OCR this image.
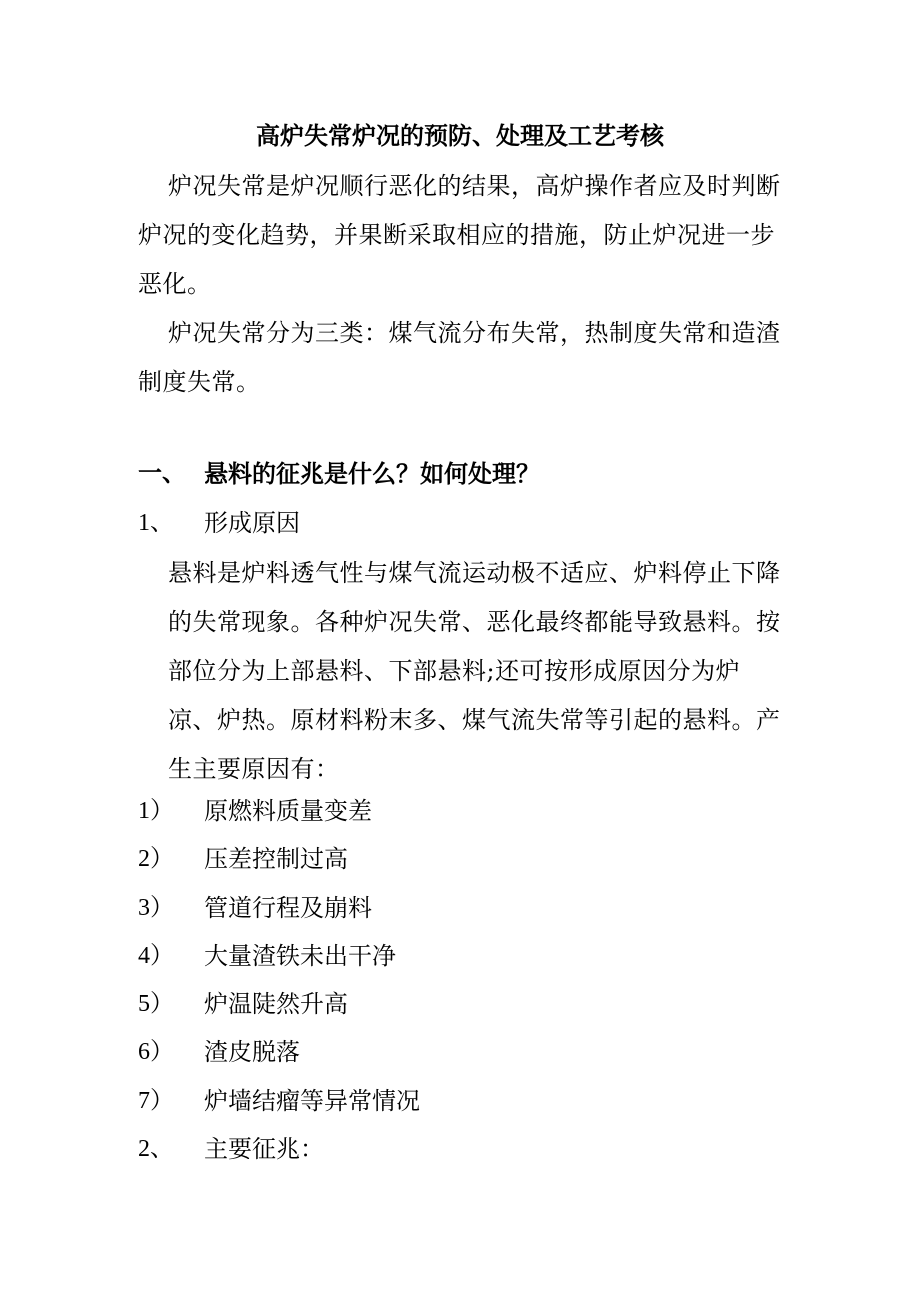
高炉失常炉况的预防、处理及工艺考核
炉况失常是炉况顺行恶化的结果，高炉操作者应及时判断炉况的变化趋势，并果断采取相应的措施，防止炉况进一步恶化。
炉况失常分为三类：煤气流分布失常，热制度失常和造渣制度失常。
一、 悬料的征兆是什么？如何处理？
1、 形成原因
悬料是炉料透气性与煤气流运动极不适应、炉料停止下降的失常现象。各种炉况失常、恶化最终都能导致悬料。按部位分为上部悬料、下部悬料;还可按形成原因分为炉凉、炉热。原材料粉末多、煤气流失常等引起的悬料。产生主要原因有：
1） 原燃料质量变差
2） 压差控制过高
3） 管道行程及崩料
4） 大量渣铁未出干净
5） 炉温陡然升高
6） 渣皮脱落
7） 炉墙结瘤等异常情况
2、 主要征兆：
